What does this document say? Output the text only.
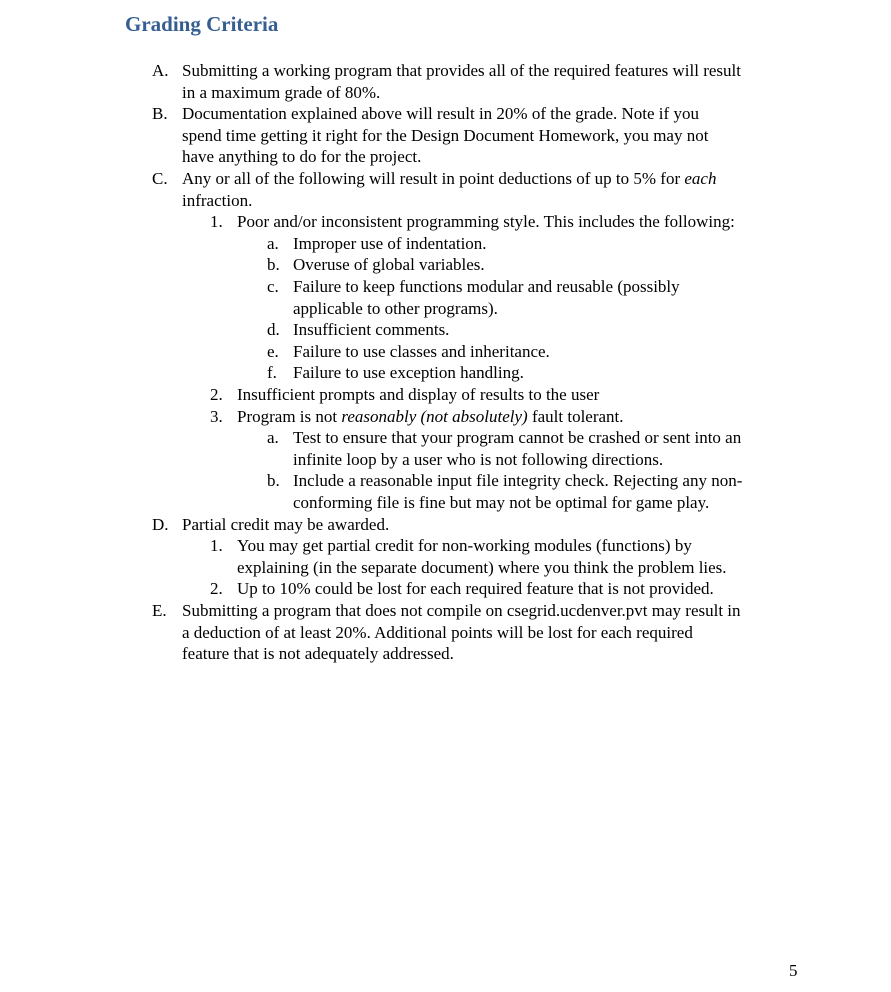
Grading Criteria
A. Submitting a working program that provides all of the required features will result
in a maximum grade of 80%.
B. Documentation explained above will result in 20% of the grade. Note if you
spend time getting it right for the Design Document Homework, you may not
have anything to do for the project.
C. Any or all of the following will result in point deductions of up to 5% for each
infraction.
1. Poor and/or inconsistent programming style. This includes the following:
a. Improper use of indentation.
b. Overuse of global variables.
c. Failure to keep functions modular and reusable (possibly
applicable to other programs).
d. Insufficient comments.
e. Failure to use classes and inheritance.
f. Failure to use exception handling.
2. Insufficient prompts and display of results to the user
3. Program is not reasonably (not absolutely) fault tolerant.
a. Test to ensure that your program cannot be crashed or sent into an
infinite loop by a user who is not following directions.
b. Include a reasonable input file integrity check. Rejecting any non-
conforming file is fine but may not be optimal for game play.
D. Partial credit may be awarded.
1. You may get partial credit for non-working modules (functions) by
explaining (in the separate document) where you think the problem lies.
2. Up to 10% could be lost for each required feature that is not provided.
E. Submitting a program that does not compile on csegrid.ucdenver.pvt may result in
a deduction of at least 20%. Additional points will be lost for each required
feature that is not adequately addressed.
5
